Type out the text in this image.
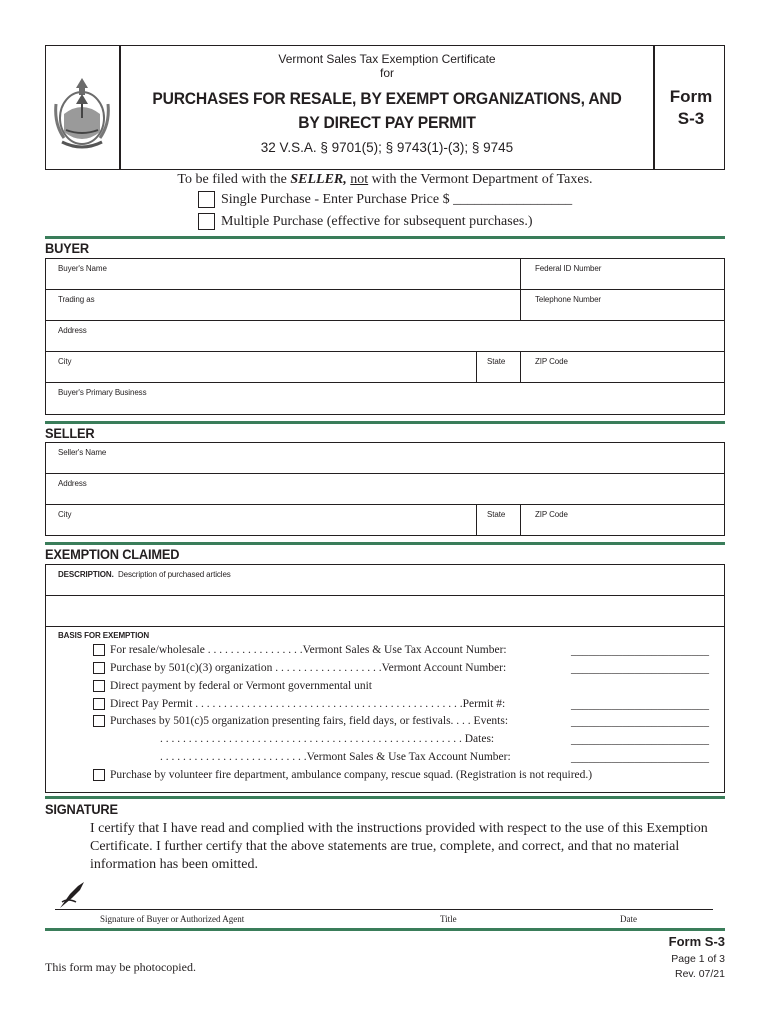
Vermont Sales Tax Exemption Certificate
for
PURCHASES FOR RESALE, BY EXEMPT ORGANIZATIONS, AND
BY DIRECT PAY PERMIT
32 V.S.A. § 9701(5); § 9743(1)-(3); § 9745
Form
S-3
To be filed with the SELLER, not with the Vermont Department of Taxes.
Single Purchase - Enter Purchase Price $ _________________
Multiple Purchase (effective for subsequent purchases.)
BUYER
Buyer's Name	Federal ID Number
Trading as	Telephone Number
Address
City	State	ZIP Code
Buyer's Primary Business
SELLER
Seller's Name
Address
City	State	ZIP Code
EXEMPTION CLAIMED
DESCRIPTION. Description of purchased articles
BASIS FOR EXEMPTION
For resale/wholesale . . . . . . . . . . . . . . . . .Vermont Sales & Use Tax Account Number:	________________________
Purchase by 501(c)(3) organization . . . . . . . . . . . . . . . . . . .Vermont Account Number:	________________________
Direct payment by federal or Vermont governmental unit
Direct Pay Permit . . . . . . . . . . . . . . . . . . . . . . . . . . . . . . . . . . . . . . . . . . . . . . .Permit #:	________________________
Purchases by 501(c)5 organization presenting fairs, field days, or festivals. . . . Events:	________________________
. . . . . . . . . . . . . . . . . . . . . . . . . . . . . . . . . . . . . . . . . . . . . . . . . . . . . Dates:	________________________
. . . . . . . . . . . . . . . . . . . . . . . . . .Vermont Sales & Use Tax Account Number:	________________________
Purchase by volunteer fire department, ambulance company, rescue squad. (Registration is not required.)
SIGNATURE
I certify that I have read and complied with the instructions provided with respect to the use of this Exemption Certificate. I further certify that the above statements are true, complete, and correct, and that no material information has been omitted.
Signature of Buyer or Authorized Agent	Title	Date
Form S-3
Page 1 of 3
Rev. 07/21
This form may be photocopied.
